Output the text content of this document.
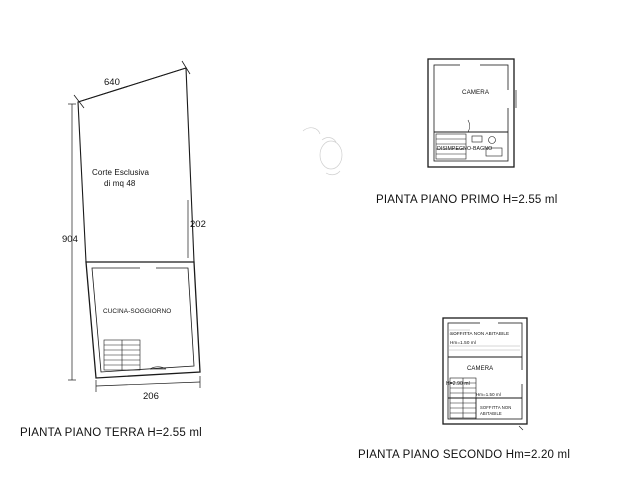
640
202
904
206
Corte Esclusiva
di mq 48
CUCINA-SOGGIORNO
CAMERA
DISIMPEGNO-BAGNO
SOFFITTA NON ABITABILE
Hm=1.50 ml
CAMERA
H=2.90 ml
Hm=1.50 ml
SOFFITTA NON
ABITABILE
PIANTA PIANO TERRA H=2.55 ml
PIANTA PIANO PRIMO H=2.55 ml
PIANTA PIANO SECONDO Hm=2.20 ml
